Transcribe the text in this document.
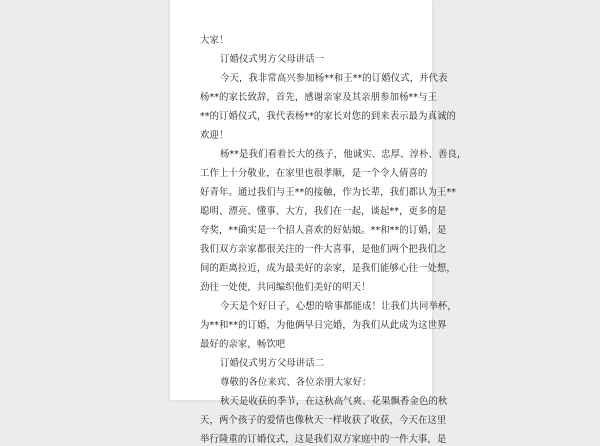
大家！
订婚仪式男方父母讲话一
今天，我非常高兴参加杨**和王**的订婚仪式，并代表
杨**的家长致辞，首先，感谢亲家及其亲朋参加杨**与王
**的订婚仪式，我代表杨**的家长对您的到来表示最为真诚的
欢迎！
杨**是我们看着长大的孩子，他诚实、忠厚、淳朴、善良，
工作上十分敬业，在家里也很孝顺，是一个令人倩喜的
好青年。通过我们与王**的接触，作为长辈，我们都认为王**
聪明、漂亮、懂事、大方，我们在一起，谈起**，更多的是
夸奖，**确实是一个招人喜欢的好姑娘。**和**的订婚，是
我们双方亲家都很关注的一件大喜事，是他们两个把我们之
间的距离拉近，成为最美好的亲家，是我们能够心往一处想，
劲往一处使，共同编织他们美好的明天！
今天是个好日子，心想的啥事都能成！让我们共同举杯，
为**和**的订婚，为他俩早日完婚，为我们从此成为这世界
最好的亲家，畅饮吧
订婚仪式男方父母讲话二
尊敬的各位来宾、各位亲朋大家好：
秋天是收获的季节，在这秋高气爽、花果飘香金色的秋
天，两个孩子的爱情也像秋天一样收获了收获，今天在这里
举行隆重的订婚仪式，这是我们双方家庭中的一件大事，是
